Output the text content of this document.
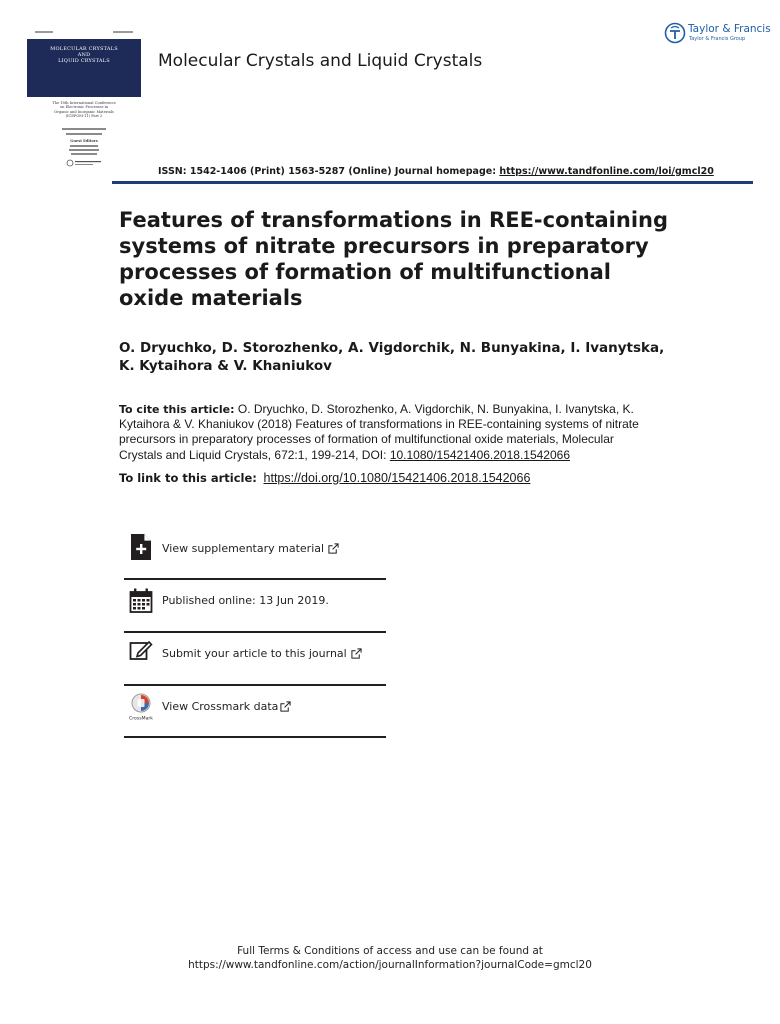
MOLECULAR CRYSTALS
AND
LIQUID CRYSTALS
The 18th International Conference
on Electronic Processes in
Organic and Inorganic Materials
(ICEPOM-11) Part 2
Guest Editors
Molecular Crystals and Liquid Crystals
Taylor & Francis
Taylor & Francis Group
ISSN: 1542-1406 (Print) 1563-5287 (Online) Journal homepage: https://www.tandfonline.com/loi/gmcl20
Features of transformations in REE-containing systems of nitrate precursors in preparatory processes of formation of multifunctional oxide materials
O. Dryuchko, D. Storozhenko, A. Vigdorchik, N. Bunyakina, I. Ivanytska, K. Kytaihora & V. Khaniukov
To cite this article: O. Dryuchko, D. Storozhenko, A. Vigdorchik, N. Bunyakina, I. Ivanytska, K. Kytaihora & V. Khaniukov (2018) Features of transformations in REE-containing systems of nitrate precursors in preparatory processes of formation of multifunctional oxide materials, Molecular Crystals and Liquid Crystals, 672:1, 199-214, DOI: 10.1080/15421406.2018.1542066
To link to this article: https://doi.org/10.1080/15421406.2018.1542066
View supplementary material
Published online: 13 Jun 2019.
Submit your article to this journal
CrossMark
View Crossmark data
Full Terms & Conditions of access and use can be found at
https://www.tandfonline.com/action/journalInformation?journalCode=gmcl20
